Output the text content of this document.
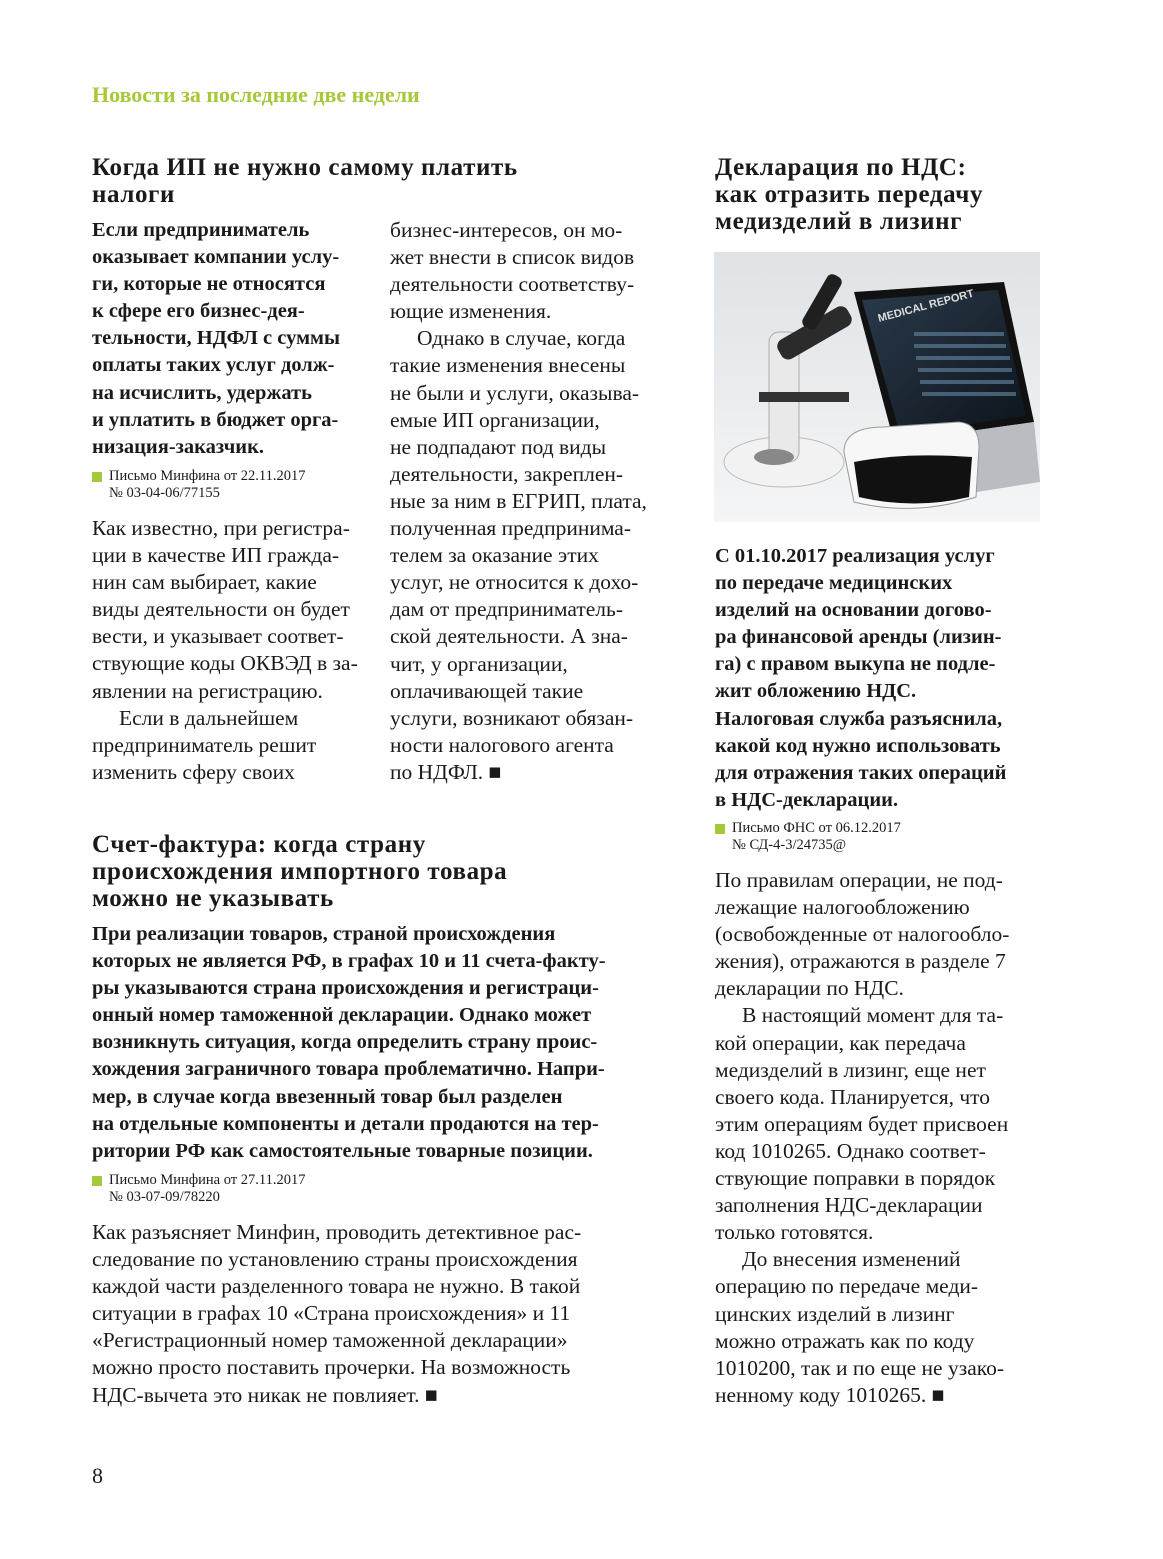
Новости за последние две недели
Когда ИП не нужно самому платить
налоги
Если предприниматель
оказывает компании услу-
ги, которые не относятся
к сфере его бизнес-дея-
тельности, НДФЛ с суммы
оплаты таких услуг долж-
на исчислить, удержать
и уплатить в бюджет орга-
низация-заказчик.
Письмо Минфина от 22.11.2017
№ 03-04-06/77155
Как известно, при регистра-
ции в качестве ИП гражда-
нин сам выбирает, какие
виды деятельности он будет
вести, и указывает соответ-
ствующие коды ОКВЭД в за-
явлении на регистрацию.
Если в дальнейшем
предприниматель решит
изменить сферу своих
бизнес-интересов, он мо-
жет внести в список видов
деятельности соответству-
ющие изменения.
Однако в случае, когда
такие изменения внесены
не были и услуги, оказыва-
емые ИП организации,
не подпадают под виды
деятельности, закреплен-
ные за ним в ЕГРИП, плата,
полученная предпринима-
телем за оказание этих
услуг, не относится к дохо-
дам от предприниматель-
ской деятельности. А зна-
чит, у организации,
оплачивающей такие
услуги, возникают обязан-
ности налогового агента
по НДФЛ. ■
Счет-фактура: когда страну
происхождения импортного товара
можно не указывать
При реализации товаров, страной происхождения
которых не является РФ, в графах 10 и 11 счета-факту-
ры указываются страна происхождения и регистраци-
онный номер таможенной декларации. Однако может
возникнуть ситуация, когда определить страну проис-
хождения заграничного товара проблематично. Напри-
мер, в случае когда ввезенный товар был разделен
на отдельные компоненты и детали продаются на тер-
ритории РФ как самостоятельные товарные позиции.
Письмо Минфина от 27.11.2017
№ 03-07-09/78220
Как разъясняет Минфин, проводить детективное рас-
следование по установлению страны происхождения
каждой части разделенного товара не нужно. В такой
ситуации в графах 10 «Страна происхождения» и 11
«Регистрационный номер таможенной декларации»
можно просто поставить прочерки. На возможность
НДС-вычета это никак не повлияет. ■
Декларация по НДС:
как отразить передачу
медизделий в лизинг
MEDICAL REPORT
С 01.10.2017 реализация услуг
по передаче медицинских
изделий на основании догово-
ра финансовой аренды (лизин-
га) с правом выкупа не подле-
жит обложению НДС.
Налоговая служба разъяснила,
какой код нужно использовать
для отражения таких операций
в НДС-декларации.
Письмо ФНС от 06.12.2017
№ СД-4-3/24735@
По правилам операции, не под-
лежащие налогообложению
(освобожденные от налогообло-
жения), отражаются в разделе 7
декларации по НДС.
В настоящий момент для та-
кой операции, как передача
медизделий в лизинг, еще нет
своего кода. Планируется, что
этим операциям будет присвоен
код 1010265. Однако соответ-
ствующие поправки в порядок
заполнения НДС-декларации
только готовятся.
До внесения изменений
операцию по передаче меди-
цинских изделий в лизинг
можно отражать как по коду
1010200, так и по еще не узако-
ненному коду 1010265. ■
8
